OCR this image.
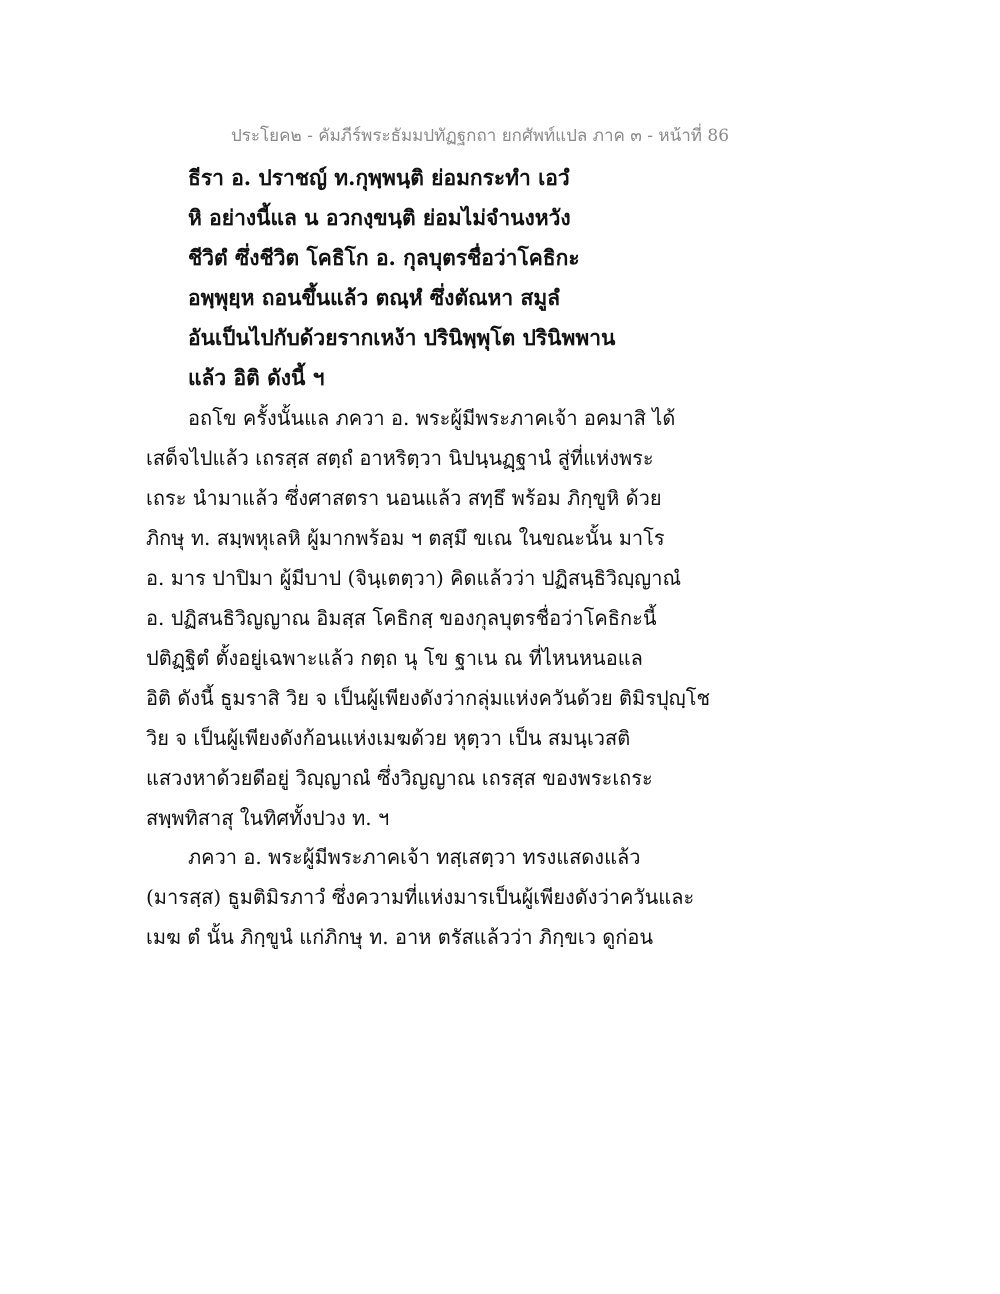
ประโยค๒ - คัมภีร์พระธัมมปทัฏฐกถา ยกศัพท์แปล ภาค ๓ - หน้าที่ 86
ธีรา อ. ปราชญ์ ท.กุพฺพนฺติ ย่อมกระทำ เอวํ
หิ อย่างนี้แล น อวกงฺขนฺติ ย่อมไม่จำนงหวัง
ชีวิตํ ซึ่งชีวิต โคธิโก อ. กุลบุตรชื่อว่าโคธิกะ
อพฺพุยฺห ถอนขึ้นแล้ว ตณฺหํ ซึ่งตัณหา สมูลํ
อันเป็นไปกับด้วยรากเหง้า ปรินิพฺพุโต ปรินิพพาน
แล้ว อิติ ดังนี้ ฯ
อถโข ครั้งนั้นแล ภควา อ. พระผู้มีพระภาคเจ้า อคมาสิ ได้
เสด็จไปแล้ว เถรสฺส สตฺถํ อาหริตฺวา นิปนฺนฏฺฐานํ สู่ที่แห่งพระ
เถระ นำมาแล้ว ซึ่งศาสตรา นอนแล้ว สทฺธึ พร้อม ภิกฺขูหิ ด้วย
ภิกษุ ท. สมฺพหุเลหิ ผู้มากพร้อม ฯ ตสฺมึ ขเณ ในขณะนั้น มาโร
อ. มาร ปาปิมา ผู้มีบาป (จินฺเตตฺวา) คิดแล้วว่า ปฏิสนฺธิวิญฺญาณํ
อ. ปฏิสนธิวิญญาณ อิมสฺส โคธิกสฺ ของกุลบุตรชื่อว่าโคธิกะนี้
ปติฏฺฐิตํ ตั้งอยู่เฉพาะแล้ว กตฺถ นุ โข ฐาเน ณ ที่ไหนหนอแล
อิติ ดังนี้ ธูมราสิ วิย จ เป็นผู้เพียงดังว่ากลุ่มแห่งควันด้วย ติมิรปุญฺโช
วิย จ เป็นผู้เพียงดังก้อนแห่งเมฆด้วย หุตฺวา เป็น สมนฺเวสติ
แสวงหาด้วยดีอยู่ วิญฺญาณํ ซึ่งวิญญาณ เถรสฺส ของพระเถระ
สพฺพทิสาสุ ในทิศทั้งปวง ท. ฯ
ภควา อ. พระผู้มีพระภาคเจ้า ทสฺเสตฺวา ทรงแสดงแล้ว
(มารสฺส) ธูมติมิรภาวํ ซึ่งความที่แห่งมารเป็นผู้เพียงดังว่าควันและ
เมฆ ตํ นั้น ภิกฺขูนํ แก่ภิกษุ ท. อาห ตรัสแล้วว่า ภิกฺขเว ดูก่อน
